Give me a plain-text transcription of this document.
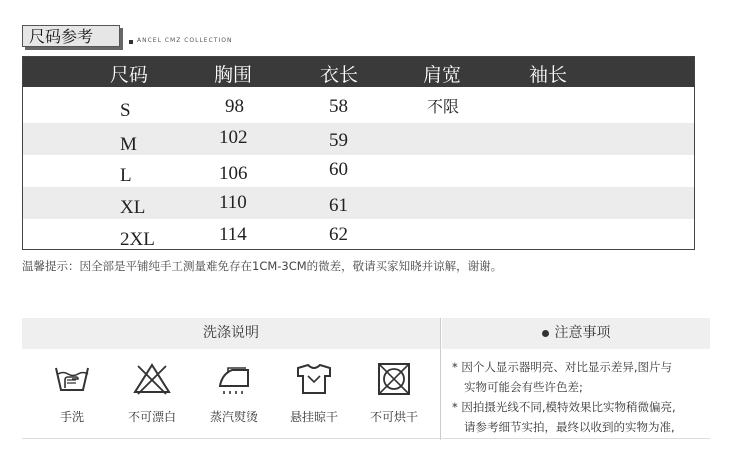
尺码参考	ANCEL CMZ COLLECTION
尺码	胸围	衣长	肩宽	袖长
S	98	58	不限
M	102	59
L	106	60
XL	110	61
2XL	114	62
温馨提示：因全部是平铺纯手工测量难免存在1CM-3CM的微差，敬请买家知晓并谅解，谢谢。
洗涤说明	注意事项
手洗	不可漂白	蒸汽熨烫	悬挂晾干	不可烘干

* 因个人显示器明亮、对比显示差异,图片与

实物可能会有些许色差;

* 因拍摄光线不同,模特效果比实物稍微偏亮,

请参考细节实拍，最终以收到的实物为准,
